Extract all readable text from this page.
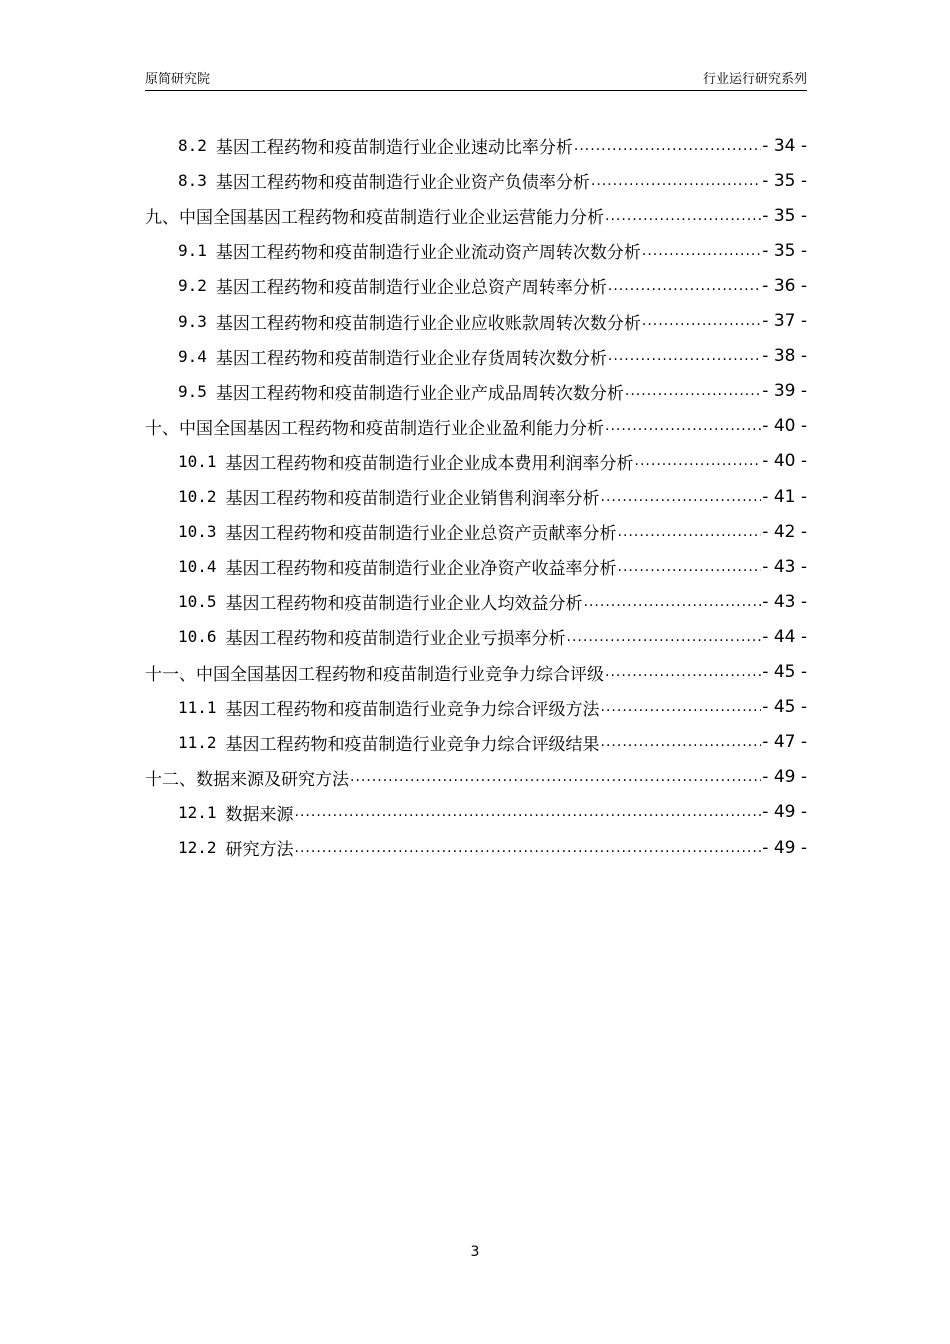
原简研究院	行业运行研究系列
8.2 基因工程药物和疫苗制造行业企业速动比率分析 .....	- 34 -
8.3 基因工程药物和疫苗制造行业企业资产负债率分析 .....	- 35 -
九、中国全国基因工程药物和疫苗制造行业企业运营能力分析 .....	- 35 -
9.1 基因工程药物和疫苗制造行业企业流动资产周转次数分析 .....	- 35 -
9.2 基因工程药物和疫苗制造行业企业总资产周转率分析 .....	- 36 -
9.3 基因工程药物和疫苗制造行业企业应收账款周转次数分析 .....	- 37 -
9.4 基因工程药物和疫苗制造行业企业存货周转次数分析 .....	- 38 -
9.5 基因工程药物和疫苗制造行业企业产成品周转次数分析 .....	- 39 -
十、中国全国基因工程药物和疫苗制造行业企业盈利能力分析 .....	- 40 -
10.1 基因工程药物和疫苗制造行业企业成本费用利润率分析 .....	- 40 -
10.2 基因工程药物和疫苗制造行业企业销售利润率分析 .....	- 41 -
10.3 基因工程药物和疫苗制造行业企业总资产贡献率分析 .....	- 42 -
10.4 基因工程药物和疫苗制造行业企业净资产收益率分析 .....	- 43 -
10.5 基因工程药物和疫苗制造行业企业人均效益分析 .....	- 43 -
10.6 基因工程药物和疫苗制造行业企业亏损率分析 .....	- 44 -
十一、中国全国基因工程药物和疫苗制造行业竞争力综合评级 .....	- 45 -
11.1 基因工程药物和疫苗制造行业竞争力综合评级方法 .....	- 45 -
11.2 基因工程药物和疫苗制造行业竞争力综合评级结果 .....	- 47 -
十二、数据来源及研究方法 .....	- 49 -
12.1 数据来源 .....	- 49 -
12.2 研究方法 .....	- 49 -
3
